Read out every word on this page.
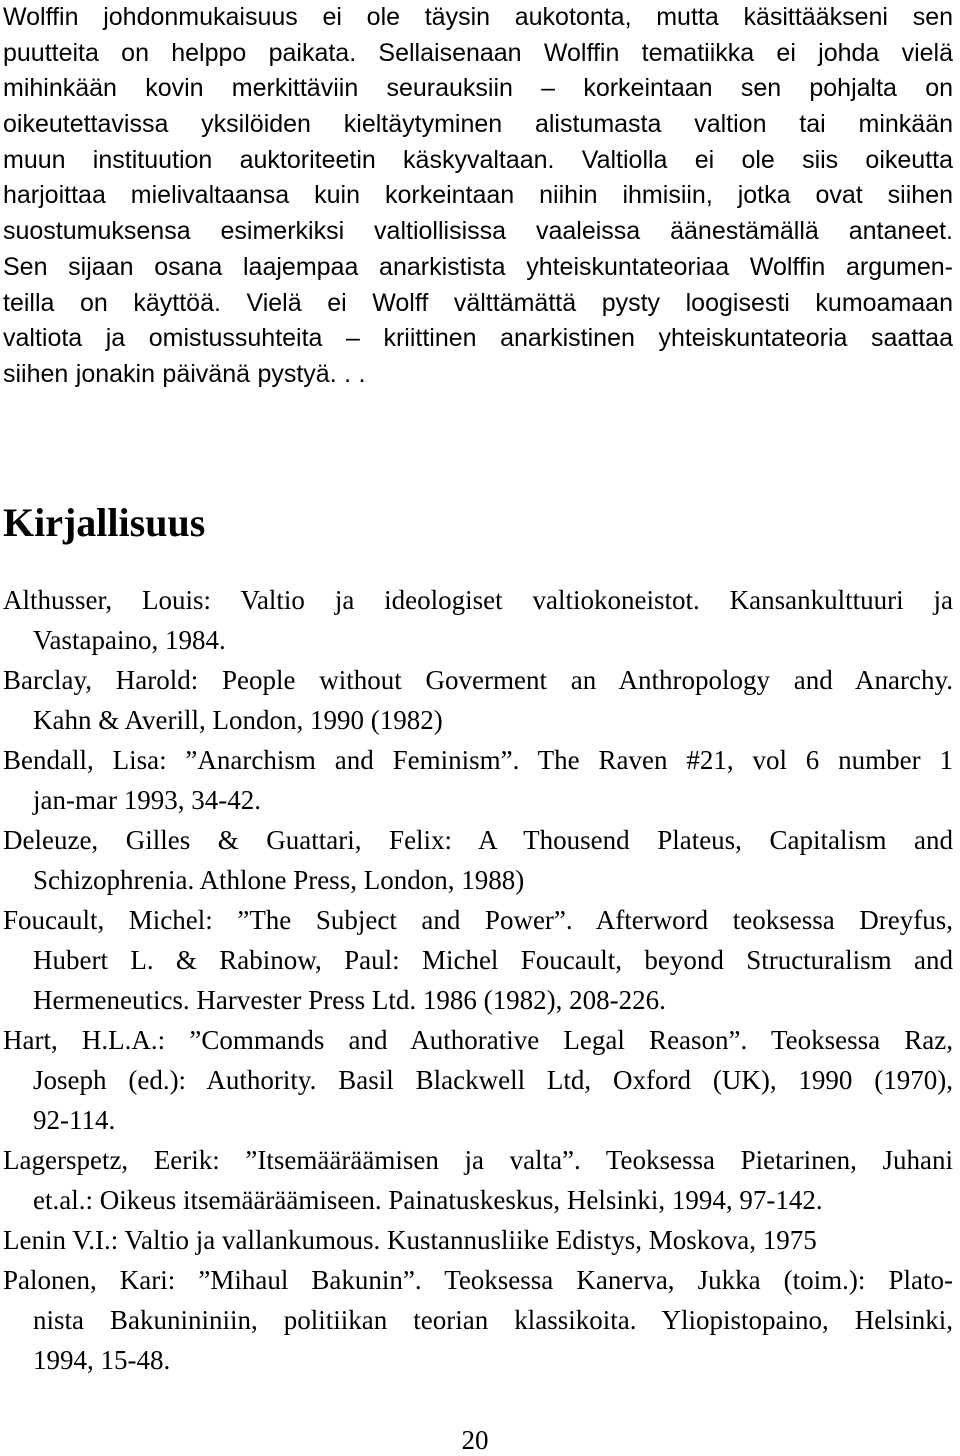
Wolffin johdonmukaisuus ei ole täysin aukotonta, mutta käsittääkseni sen
puutteita on helppo paikata. Sellaisenaan Wolffin tematiikka ei johda vielä
mihinkään kovin merkittäviin seurauksiin – korkeintaan sen pohjalta on
oikeutettavissa yksilöiden kieltäytyminen alistumasta valtion tai minkään
muun instituution auktoriteetin käskyvaltaan. Valtiolla ei ole siis oikeutta
harjoittaa mielivaltaansa kuin korkeintaan niihin ihmisiin, jotka ovat siihen
suostumuksensa esimerkiksi valtiollisissa vaaleissa äänestämällä antaneet.
Sen sijaan osana laajempaa anarkistista yhteiskuntateoriaa Wolffin argumen-
teilla on käyttöä. Vielä ei Wolff välttämättä pysty loogisesti kumoamaan
valtiota ja omistussuhteita – kriittinen anarkistinen yhteiskuntateoria saattaa
siihen jonakin päivänä pystyä. . .
Kirjallisuus
Althusser, Louis: Valtio ja ideologiset valtiokoneistot. Kansankulttuuri ja
Vastapaino, 1984.
Barclay, Harold: People without Goverment an Anthropology and Anarchy.
Kahn & Averill, London, 1990 (1982)
Bendall, Lisa: ”Anarchism and Feminism”. The Raven #21, vol 6 number 1
jan-mar 1993, 34-42.
Deleuze, Gilles & Guattari, Felix: A Thousend Plateus, Capitalism and
Schizophrenia. Athlone Press, London, 1988)
Foucault, Michel: ”The Subject and Power”. Afterword teoksessa Dreyfus,
Hubert L. & Rabinow, Paul: Michel Foucault, beyond Structuralism and
Hermeneutics. Harvester Press Ltd. 1986 (1982), 208-226.
Hart, H.L.A.: ”Commands and Authorative Legal Reason”. Teoksessa Raz,
Joseph (ed.): Authority. Basil Blackwell Ltd, Oxford (UK), 1990 (1970),
92-114.
Lagerspetz, Eerik: ”Itsemääräämisen ja valta”. Teoksessa Pietarinen, Juhani
et.al.: Oikeus itsemääräämiseen. Painatuskeskus, Helsinki, 1994, 97-142.
Lenin V.I.: Valtio ja vallankumous. Kustannusliike Edistys, Moskova, 1975
Palonen, Kari: ”Mihaul Bakunin”. Teoksessa Kanerva, Jukka (toim.): Plato-
nista Bakunininiin, politiikan teorian klassikoita. Yliopistopaino, Helsinki,
1994, 15-48.
20
